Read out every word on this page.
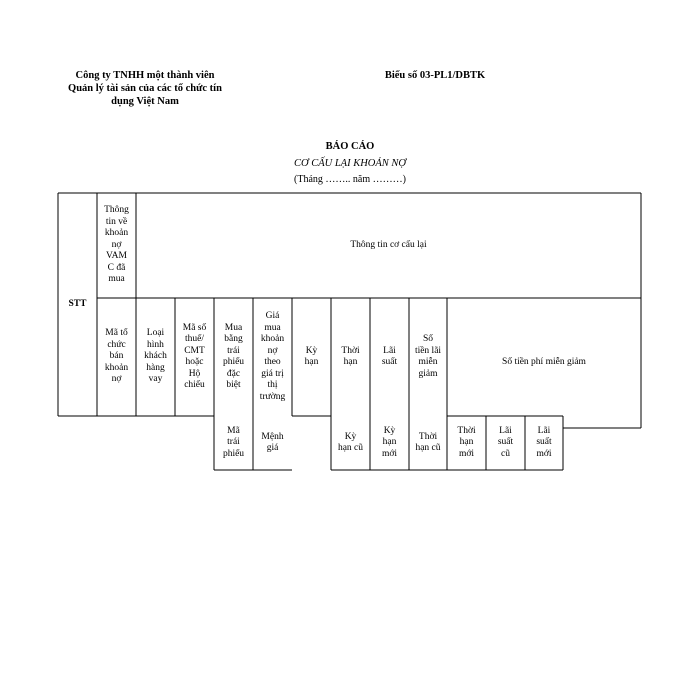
Công ty TNHH một thành viên
Quản lý tài sản của các tổ chức tín
dụng Việt Nam
Biểu số 03-PL1/DBTK
BÁO CÁO
CƠ CẤU LẠI KHOẢN NỢ
(Tháng …….. năm ………)
STT
Thông
tin về
khoản
nợ
VAM
C đã
mua
Thông tin cơ cấu lại
Mã tổ
chức
bán
khoản
nợ
Loại
hình
khách
hàng
vay
Mã số
thuế/
CMT
hoặc
Hộ
chiếu
Mua
bằng
trái
phiếu
đặc
biệt
Giá
mua
khoản
nợ
theo
giá trị
thị
trường
Kỳ
hạn
Thời
hạn
Lãi
suất
Số
tiền lãi
miễn
giảm
Số tiền phí miễn giảm
Mã
trái
phiếu
Mệnh
giá
Kỳ
hạn cũ
Kỳ
hạn
mới
Thời
hạn cũ
Thời
hạn
mới
Lãi
suất
cũ
Lãi
suất
mới
